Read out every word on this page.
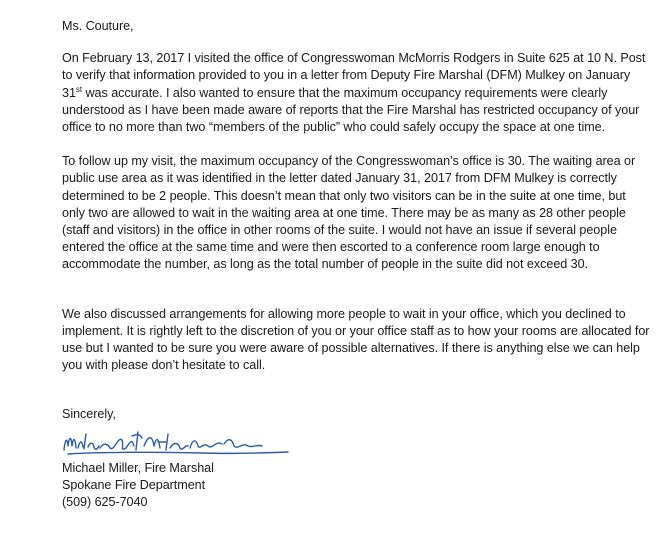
Ms. Couture,
On February 13, 2017 I visited the office of Congresswoman McMorris Rodgers in Suite 625 at 10 N. Post to verify that information provided to you in a letter from Deputy Fire Marshal (DFM) Mulkey on January 31st was accurate. I also wanted to ensure that the maximum occupancy requirements were clearly understood as I have been made aware of reports that the Fire Marshal has restricted occupancy of your office to no more than two “members of the public” who could safely occupy the space at one time.
To follow up my visit, the maximum occupancy of the Congresswoman’s office is 30. The waiting area or public use area as it was identified in the letter dated January 31, 2017 from DFM Mulkey is correctly determined to be 2 people. This doesn’t mean that only two visitors can be in the suite at one time, but only two are allowed to wait in the waiting area at one time. There may be as many as 28 other people (staff and visitors) in the office in other rooms of the suite. I would not have an issue if several people entered the office at the same time and were then escorted to a conference room large enough to accommodate the number, as long as the total number of people in the suite did not exceed 30.
We also discussed arrangements for allowing more people to wait in your office, which you declined to implement. It is rightly left to the discretion of you or your office staff as to how your rooms are allocated for use but I wanted to be sure you were aware of possible alternatives. If there is anything else we can help you with please don’t hesitate to call.
Sincerely,
Michael Miller, Fire Marshal
Spokane Fire Department
(509) 625-7040
